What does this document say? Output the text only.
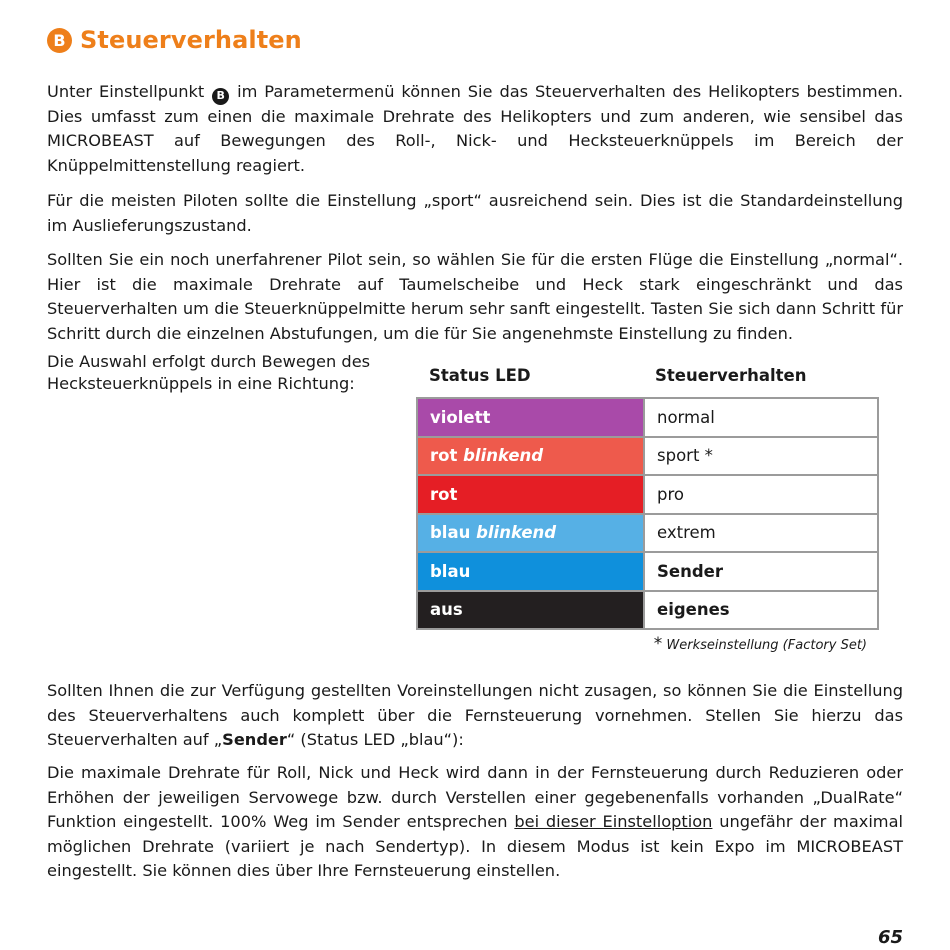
B Steuerverhalten

Unter Einstellpunkt B im Parametermenü können Sie das Steuerverhalten des Helikopters bestimmen. Dies umfasst zum einen die maximale Drehrate des Helikopters und zum anderen, wie sensibel das MICROBEAST auf Bewegungen des Roll-, Nick- und Hecksteuerknüppels im Bereich der Knüppelmittenstellung reagiert.

Für die meisten Piloten sollte die Einstellung „sport“ ausreichend sein. Dies ist die Standardeinstellung im Auslieferungszustand.

Sollten Sie ein noch unerfahrener Pilot sein, so wählen Sie für die ersten Flüge die Einstellung „normal“. Hier ist die maximale Drehrate auf Taumelscheibe und Heck stark eingeschränkt und das Steuerverhalten um die Steuerknüppelmitte herum sehr sanft eingestellt. Tasten Sie sich dann Schritt für Schritt durch die einzelnen Abstufungen, um die für Sie angenehmste Einstellung zu finden.

Die Auswahl erfolgt durch Bewegen des Hecksteuerknüppels in eine Richtung:	Status LED	Steuerverhalten
violett	normal
rot blinkend	sport *
rot	pro
blau blinkend	extrem
blau	Sender
aus	eigenes
* Werkseinstellung (Factory Set)

Sollten Ihnen die zur Verfügung gestellten Voreinstellungen nicht zusagen, so können Sie die Einstellung des Steuerverhaltens auch komplett über die Fernsteuerung vornehmen. Stellen Sie hierzu das Steuerverhalten auf „Sender“ (Status LED „blau“):

Die maximale Drehrate für Roll, Nick und Heck wird dann in der Fernsteuerung durch Reduzieren oder Erhöhen der jeweiligen Servowege bzw. durch Verstellen einer gegebenenfalls vorhanden „DualRate“ Funktion eingestellt. 100% Weg im Sender entsprechen bei dieser Einstelloption ungefähr der maximal möglichen Drehrate (variiert je nach Sendertyp). In diesem Modus ist kein Expo im MICROBEAST eingestellt. Sie können dies über Ihre Fernsteuerung einstellen.

65
